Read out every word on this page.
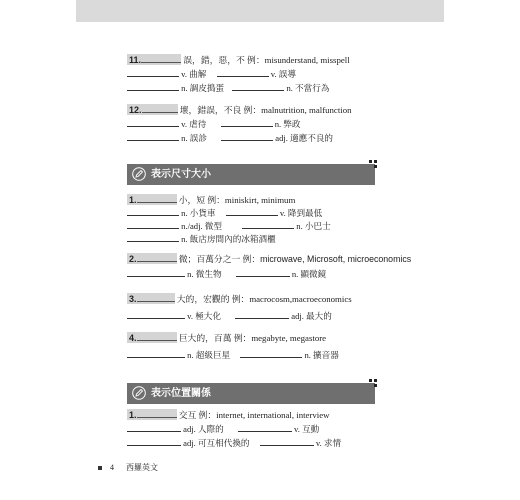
11.	誤，錯，惡，不 例：misunderstand, misspell
v. 曲解	v. 誤導
n. 調皮搗蛋	n. 不當行為
12.	壞，錯誤，不良 例：malnutrition, malfunction
v. 虐待	n. 弊政
n. 誤診	adj. 適應不良的
表示尺寸大小
1.	小，短 例：miniskirt, minimum
n. 小貨車	v. 降到最低
n./adj. 微型	n. 小巴士
n. 飯店房間內的冰箱酒櫃
2.	微；百萬分之一 例：microwave, Microsoft, microeconomics
n. 微生物	n. 顯微鏡
3.	大的，宏觀的 例：macrocosm,macroeconomics
v. 極大化	adj. 最大的
4.	巨大的，百萬 例：megabyte, megastore
n. 超級巨星	n. 擴音器
表示位置關係
1.	交互 例：internet, international, interview
adj. 人際的	v. 互動
adj. 可互相代換的	v. 求情
4 西羅英文
